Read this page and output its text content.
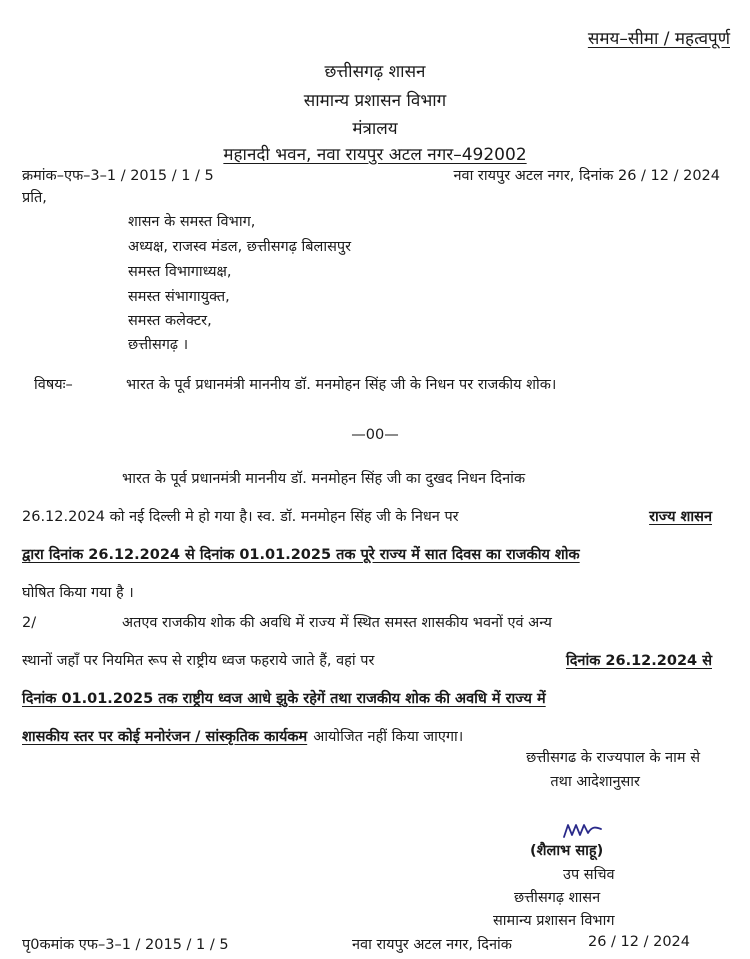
समय–सीमा / महत्वपूर्ण
छत्तीसगढ़ शासन
सामान्य प्रशासन विभाग
मंत्रालय
महानदी भवन, नवा रायपुर अटल नगर–492002
क्रमांक–एफ–3–1 / 2015 / 1 / 5	नवा रायपुर अटल नगर, दिनांक 26 / 12 / 2024
प्रति,
शासन के समस्त विभाग,
अध्यक्ष, राजस्व मंडल, छत्तीसगढ़ बिलासपुर
समस्त विभागाध्यक्ष,
समस्त संभागायुक्त,
समस्त कलेक्टर,
छत्तीसगढ़ ।
विषयः–	भारत के पूर्व प्रधानमंत्री माननीय डॉ. मनमोहन सिंह जी के निधन पर राजकीय शोक।
—00—
भारत के पूर्व प्रधानमंत्री माननीय डॉ. मनमोहन सिंह जी का दुखद निधन दिनांक
26.12.2024 को नई दिल्ली मे हो गया है। स्व. डॉ. मनमोहन सिंह जी के निधन पर	राज्य शासन
द्वारा दिनांक 26.12.2024 से दिनांक 01.01.2025 तक पूरे राज्य में सात दिवस का राजकीय शोक
घोषित किया गया है ।
2/	अतएव राजकीय शोक की अवधि में राज्य में स्थित समस्त शासकीय भवनों एवं अन्य
स्थानों जहाँ पर नियमित रूप से राष्ट्रीय ध्वज फहराये जाते हैं, वहां पर	दिनांक 26.12.2024 से
दिनांक 01.01.2025 तक राष्ट्रीय ध्वज आधे झुके रहेगें तथा राजकीय शोक की अवधि में राज्य में
शासकीय स्तर पर कोई मनोरंजन / सांस्कृतिक कार्यकम आयोजित नहीं किया जाएगा।
छत्तीसगढ के राज्यपाल के नाम से
तथा आदेशानुसार
(शैलाभ साहू)
उप सचिव
छत्तीसगढ़ शासन
सामान्य प्रशासन विभाग
पृ0कमांक एफ–3–1 / 2015 / 1 / 5	नवा रायपुर अटल नगर, दिनांक	26 / 12 / 2024
